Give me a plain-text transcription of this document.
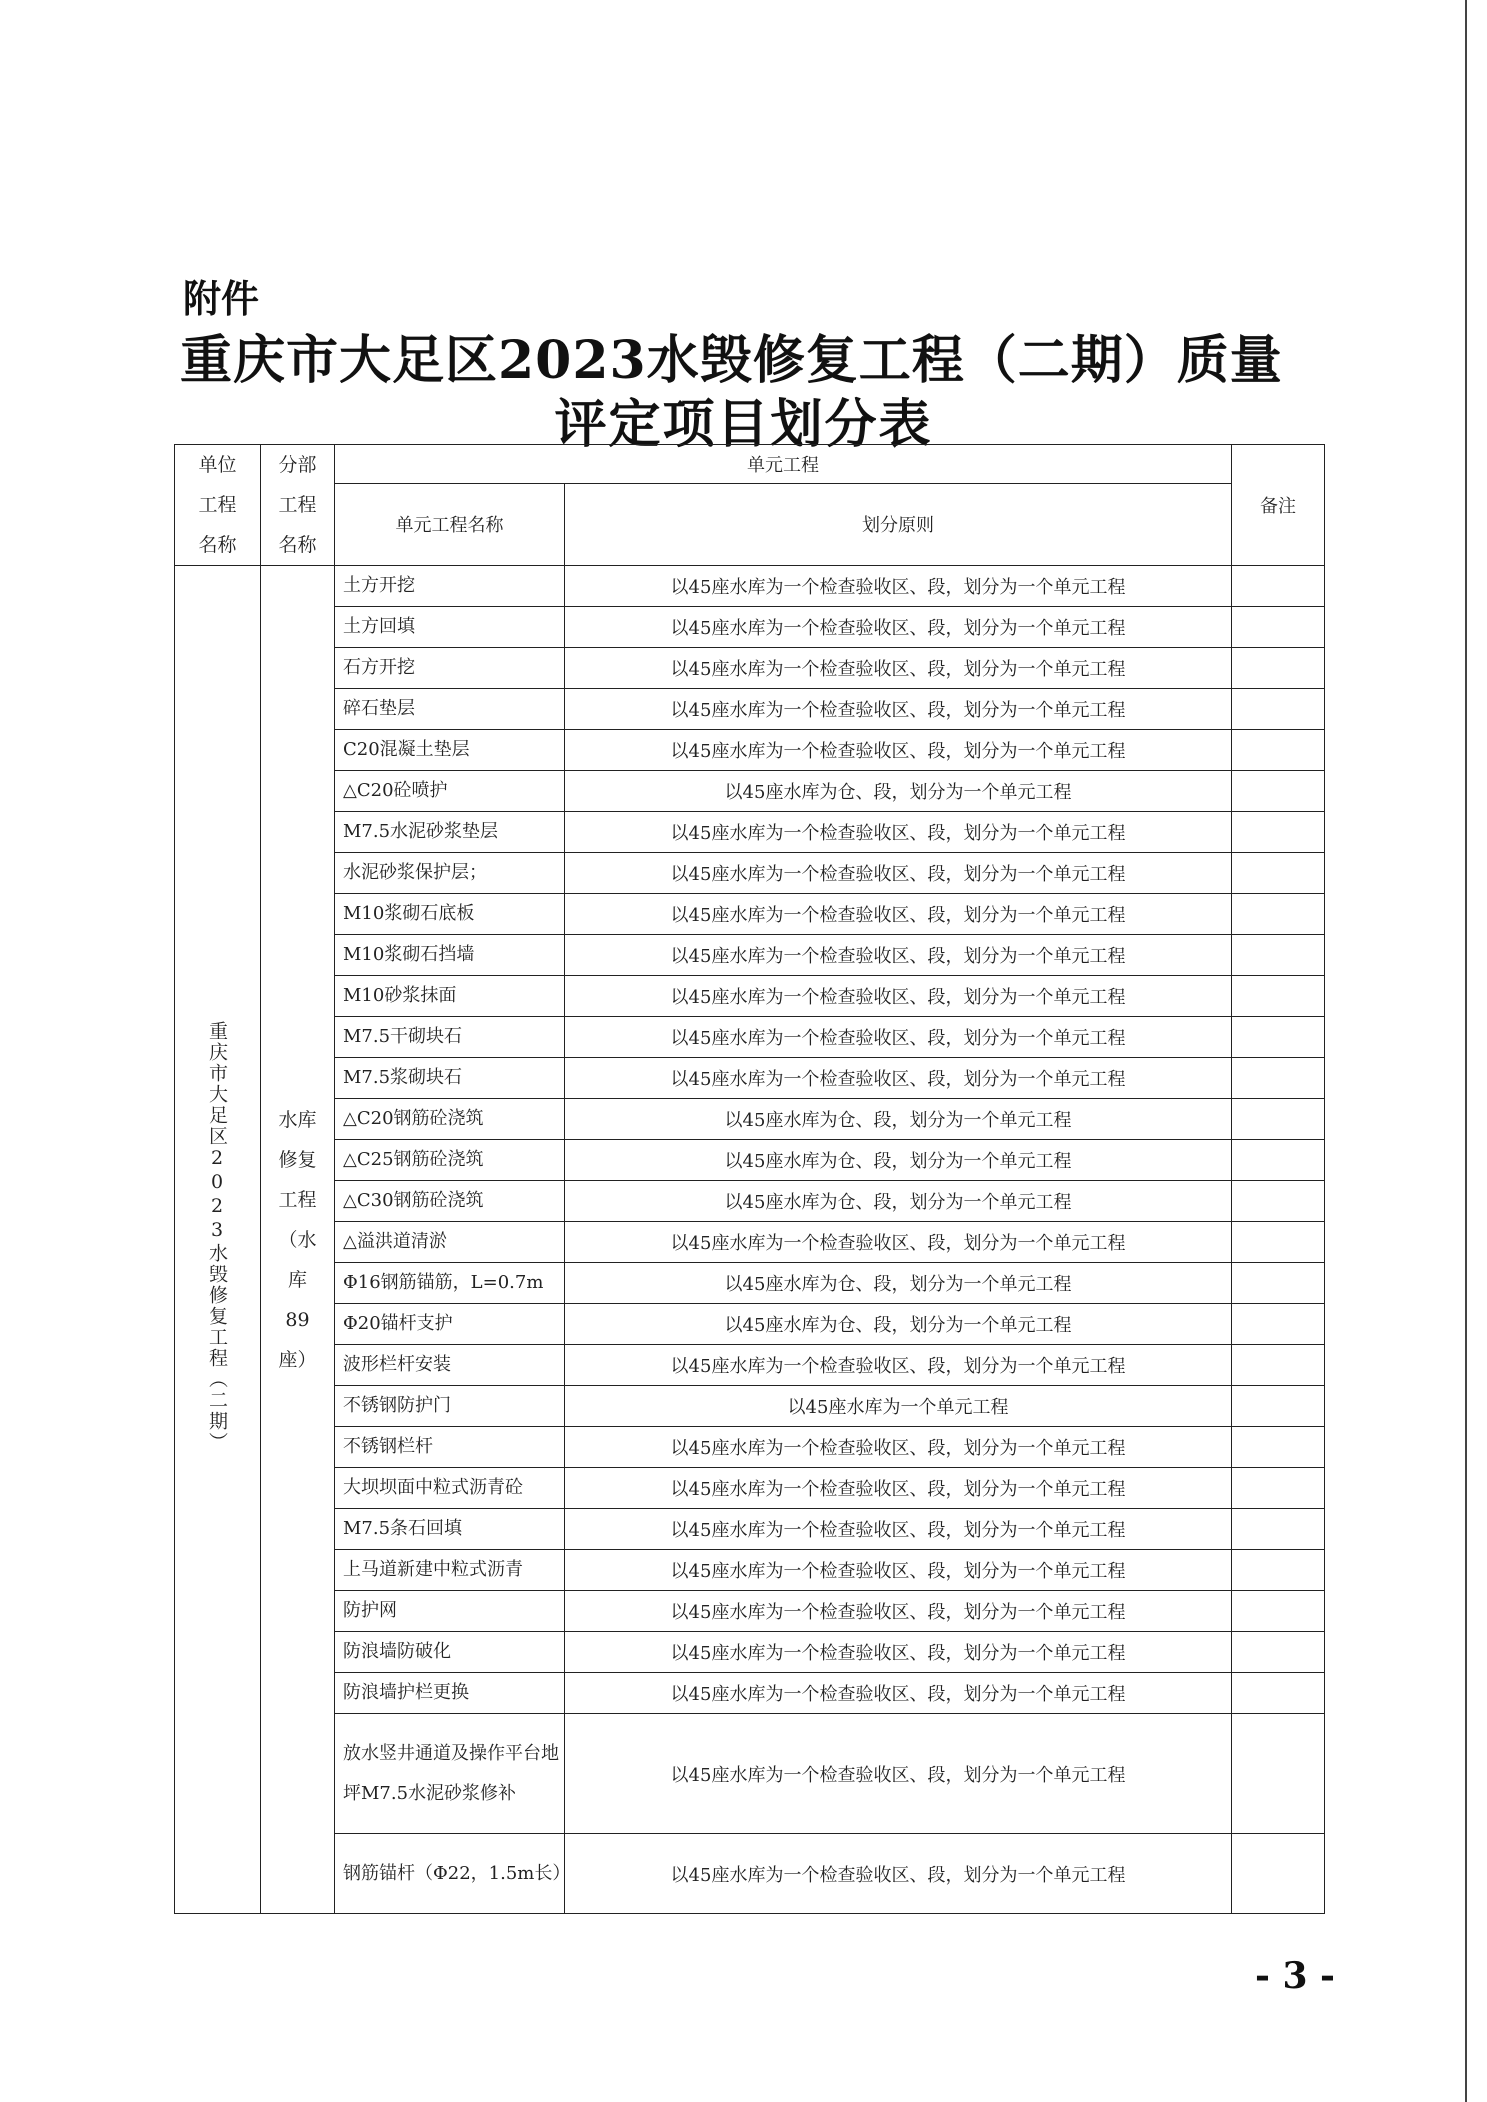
附件
重庆市大足区2023水毁修复工程（二期）质量
评定项目划分表
单位工程名称	分部工程名称	单元工程		备注
		单元工程名称	划分原则	
重庆市大足区2023水毁修复工程（二期）	水库修复工程（水库89座）	土方开挖	以45座水库为一个检查验收区、段，划分为一个单元工程	
		土方回填	以45座水库为一个检查验收区、段，划分为一个单元工程	
		石方开挖	以45座水库为一个检查验收区、段，划分为一个单元工程	
		碎石垫层	以45座水库为一个检查验收区、段，划分为一个单元工程	
		C20混凝土垫层	以45座水库为一个检查验收区、段，划分为一个单元工程	
		△C20砼喷护	以45座水库为仓、段，划分为一个单元工程	
		M7.5水泥砂浆垫层	以45座水库为一个检查验收区、段，划分为一个单元工程	
		水泥砂浆保护层；	以45座水库为一个检查验收区、段，划分为一个单元工程	
		M10浆砌石底板	以45座水库为一个检查验收区、段，划分为一个单元工程	
		M10浆砌石挡墙	以45座水库为一个检查验收区、段，划分为一个单元工程	
		M10砂浆抹面	以45座水库为一个检查验收区、段，划分为一个单元工程	
		M7.5干砌块石	以45座水库为一个检查验收区、段，划分为一个单元工程	
		M7.5浆砌块石	以45座水库为一个检查验收区、段，划分为一个单元工程	
		△C20钢筋砼浇筑	以45座水库为仓、段，划分为一个单元工程	
		△C25钢筋砼浇筑	以45座水库为仓、段，划分为一个单元工程	
		△C30钢筋砼浇筑	以45座水库为仓、段，划分为一个单元工程	
		△溢洪道清淤	以45座水库为一个检查验收区、段，划分为一个单元工程	
		Φ16钢筋锚筋，L=0.7m	以45座水库为仓、段，划分为一个单元工程	
		Φ20锚杆支护	以45座水库为仓、段，划分为一个单元工程	
		波形栏杆安装	以45座水库为一个检查验收区、段，划分为一个单元工程	
		不锈钢防护门	以45座水库为一个单元工程	
		不锈钢栏杆	以45座水库为一个检查验收区、段，划分为一个单元工程	
		大坝坝面中粒式沥青砼	以45座水库为一个检查验收区、段，划分为一个单元工程	
		M7.5条石回填	以45座水库为一个检查验收区、段，划分为一个单元工程	
		上马道新建中粒式沥青	以45座水库为一个检查验收区、段，划分为一个单元工程	
		防护网	以45座水库为一个检查验收区、段，划分为一个单元工程	
		防浪墙防破化	以45座水库为一个检查验收区、段，划分为一个单元工程	
		防浪墙护栏更换	以45座水库为一个检查验收区、段，划分为一个单元工程	
		放水竖井通道及操作平台地坪M7.5水泥砂浆修补	以45座水库为一个检查验收区、段，划分为一个单元工程	
		钢筋锚杆（Φ22，1.5m长）	以45座水库为一个检查验收区、段，划分为一个单元工程	
- 3 -
